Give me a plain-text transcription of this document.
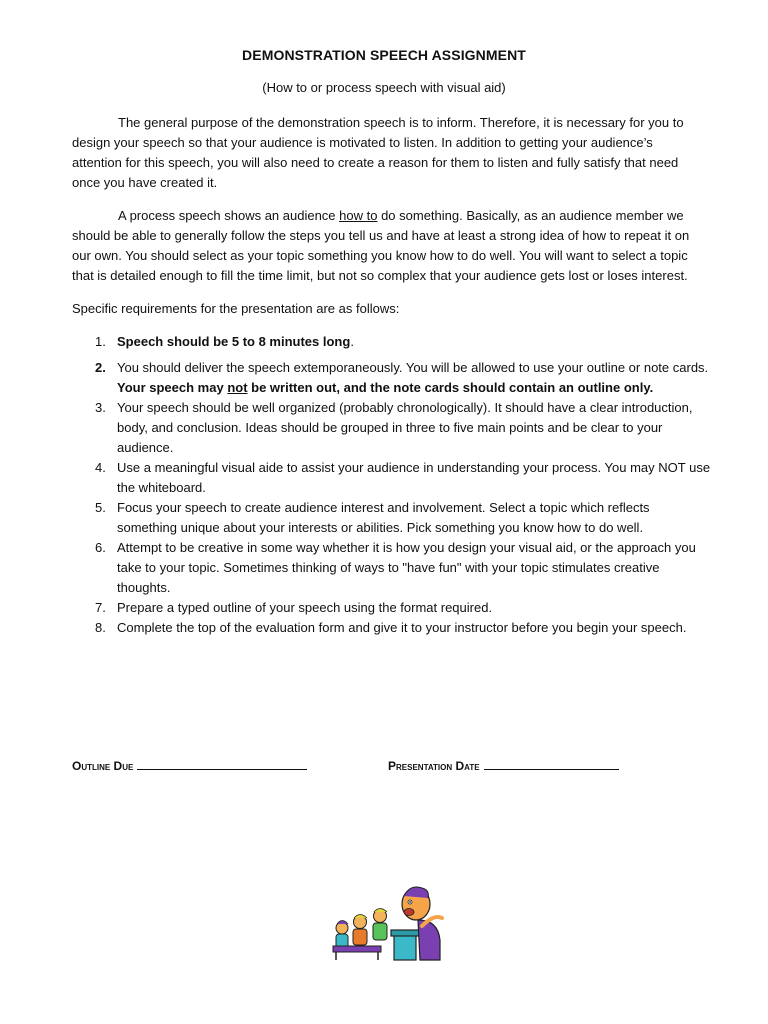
DEMONSTRATION SPEECH ASSIGNMENT
(How to or process speech with visual aid)

The general purpose of the demonstration speech is to inform. Therefore, it is necessary for you to design your speech so that your audience is motivated to listen. In addition to getting your audience’s attention for this speech, you will also need to create a reason for them to listen and fully satisfy that need once you have created it.

A process speech shows an audience how to do something. Basically, as an audience member we should be able to generally follow the steps you tell us and have at least a strong idea of how to repeat it on our own. You should select as your topic something you know how to do well. You will want to select a topic that is detailed enough to fill the time limit, but not so complex that your audience gets lost or loses interest.

Specific requirements for the presentation are as follows:

1. Speech should be 5 to 8 minutes long.
2. You should deliver the speech extemporaneously. You will be allowed to use your outline or note cards. Your speech may not be written out, and the note cards should contain an outline only.
3. Your speech should be well organized (probably chronologically). It should have a clear introduction, body, and conclusion. Ideas should be grouped in three to five main points and be clear to your audience.
4. Use a meaningful visual aide to assist your audience in understanding your process. You may NOT use the whiteboard.
5. Focus your speech to create audience interest and involvement. Select a topic which reflects something unique about your interests or abilities. Pick something you know how to do well.
6. Attempt to be creative in some way whether it is how you design your visual aid, or the approach you take to your topic. Sometimes thinking of ways to "have fun" with your topic stimulates creative thoughts.
7. Prepare a typed outline of your speech using the format required.
8. Complete the top of the evaluation form and give it to your instructor before you begin your speech.
Outline Due	Presentation Date
